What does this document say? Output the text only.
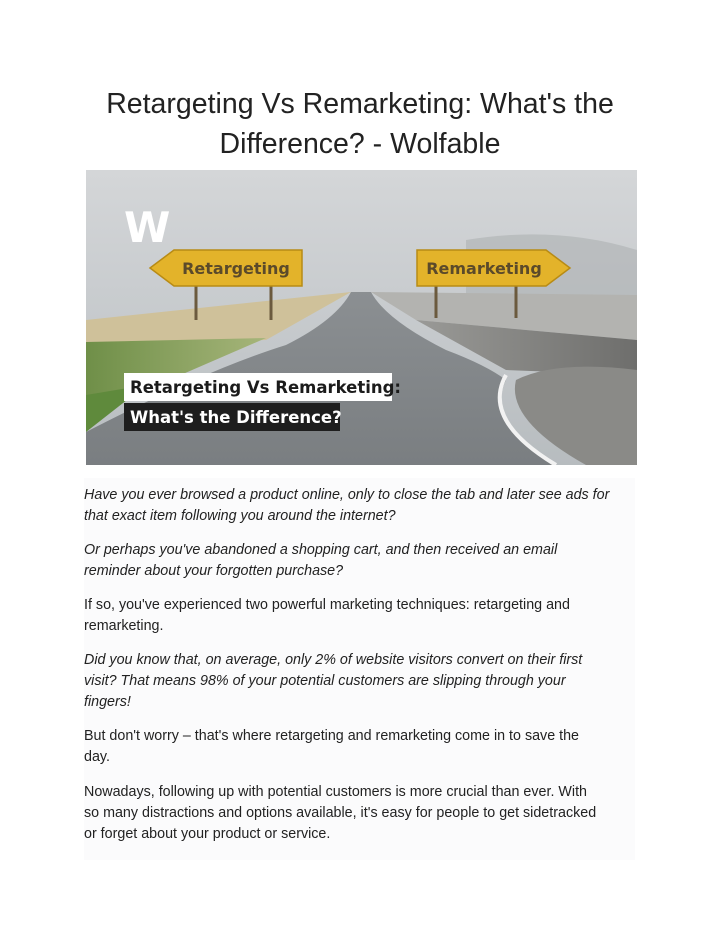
Retargeting Vs Remarketing: What's the Difference? - Wolfable
W
Retargeting	Remarketing
Retargeting Vs Remarketing:
What's the Difference?

Have you ever browsed a product online, only to close the tab and later see ads for
that exact item following you around the internet?

Or perhaps you've abandoned a shopping cart, and then received an email
reminder about your forgotten purchase?

If so, you've experienced two powerful marketing techniques: retargeting and
remarketing.

Did you know that, on average, only 2% of website visitors convert on their first
visit? That means 98% of your potential customers are slipping through your
fingers!

But don't worry – that's where retargeting and remarketing come in to save the
day.

Nowadays, following up with potential customers is more crucial than ever. With
so many distractions and options available, it's easy for people to get sidetracked
or forget about your product or service.
